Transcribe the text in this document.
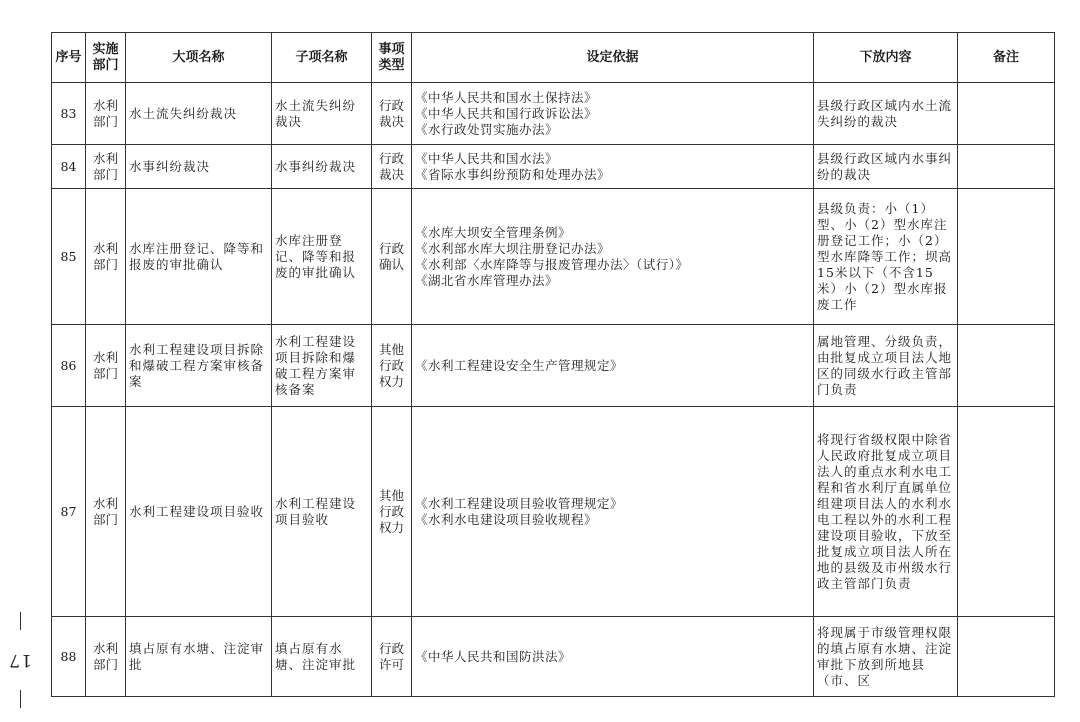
17
序号	实施部门	大项名称	子项名称	事项类型	设定依据	下放内容	备注
83	水利部门	水土流失纠纷裁决	水土流失纠纷裁决	行政裁决	《中华人民共和国水土保持法》
《中华人民共和国行政诉讼法》
《水行政处罚实施办法》	县级行政区域内水土流失纠纷的裁决	
84	水利部门	水事纠纷裁决	水事纠纷裁决	行政裁决	《中华人民共和国水法》
《省际水事纠纷预防和处理办法》	县级行政区域内水事纠纷的裁决	
85	水利部门	水库注册登记、降等和报废的审批确认	水库注册登记、降等和报废的审批确认	行政确认	《水库大坝安全管理条例》
《水利部水库大坝注册登记办法》
《水利部〈水库降等与报废管理办法〉（试行）》
《湖北省水库管理办法》	县级负责：小（1）型、小（2）型水库注册登记工作；小（2）型水库降等工作；坝高15米以下（不含15米）小（2）型水库报废工作	
86	水利部门	水利工程建设项目拆除和爆破工程方案审核备案	水利工程建设项目拆除和爆破工程方案审核备案	其他行政权力	《水利工程建设安全生产管理规定》	属地管理、分级负责，由批复成立项目法人地区的同级水行政主管部门负责	
87	水利部门	水利工程建设项目验收	水利工程建设项目验收	其他行政权力	《水利工程建设项目验收管理规定》
《水利水电建设项目验收规程》	将现行省级权限中除省人民政府批复成立项目法人的重点水利水电工程和省水利厅直属单位组建项目法人的水利水电工程以外的水利工程建设项目验收，下放至批复成立项目法人所在地的县级及市州级水行政主管部门负责	
88	水利部门	填占原有水塘、注淀审批	填占原有水塘、注淀审批	行政许可	《中华人民共和国防洪法》	将现属于市级管理权限的填占原有水塘、注淀审批下放到所地县（市、区	
